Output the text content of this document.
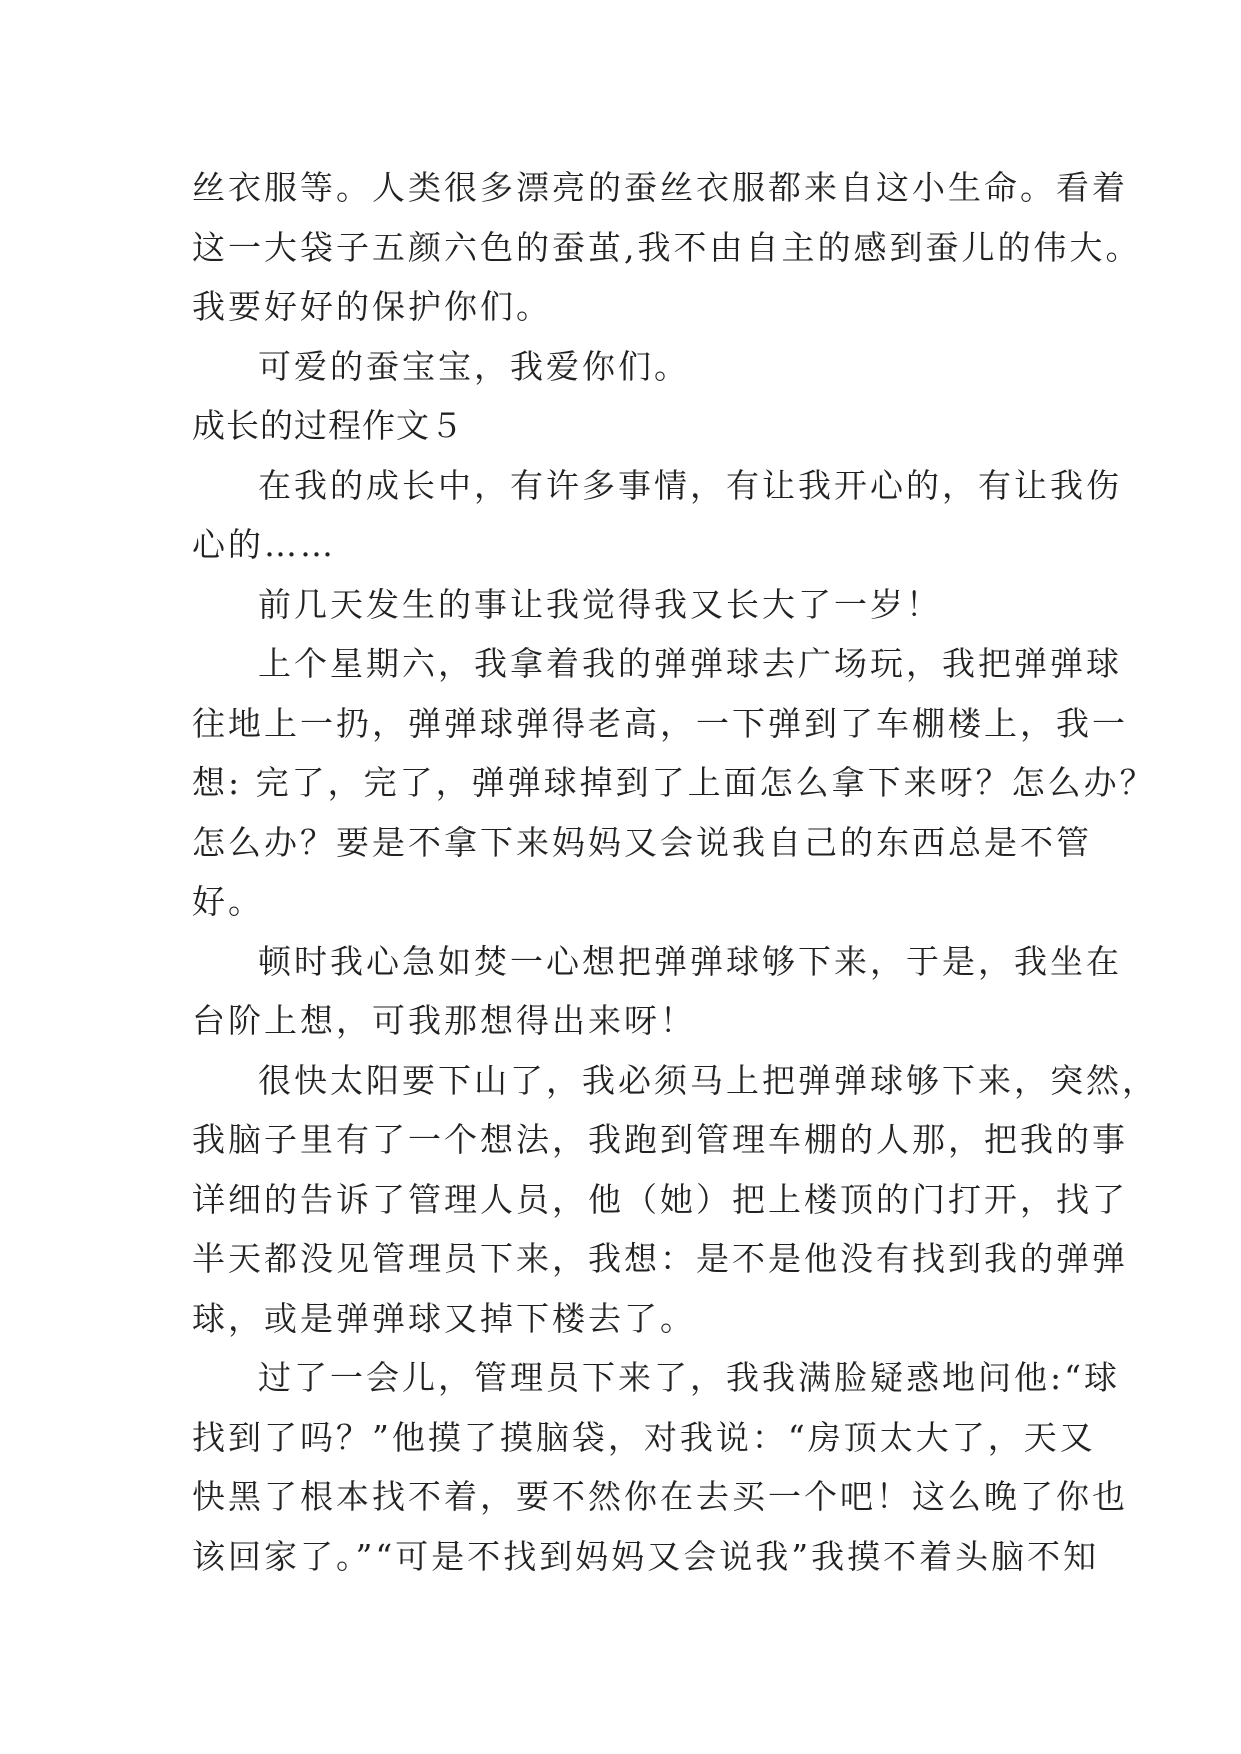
丝衣服等。人类很多漂亮的蚕丝衣服都来自这小生命。看着
这一大袋子五颜六色的蚕茧,我不由自主的感到蚕儿的伟大。
我要好好的保护你们。
可爱的蚕宝宝，我爱你们。
成长的过程作文５
在我的成长中，有许多事情，有让我开心的，有让我伤
心的……
前几天发生的事让我觉得我又长大了一岁！
上个星期六，我拿着我的弹弹球去广场玩，我把弹弹球
往地上一扔，弹弹球弹得老高，一下弹到了车棚楼上，我一
想: 完了，完了，弹弹球掉到了上面怎么拿下来呀？怎么办？
怎么办？要是不拿下来妈妈又会说我自己的东西总是不管
好。
顿时我心急如焚一心想把弹弹球够下来，于是，我坐在
台阶上想，可我那想得出来呀！
很快太阳要下山了，我必须马上把弹弹球够下来，突然，
我脑子里有了一个想法，我跑到管理车棚的人那，把我的事
详细的告诉了管理人员，他（她）把上楼顶的门打开，找了
半天都没见管理员下来，我想：是不是他没有找到我的弹弹
球，或是弹弹球又掉下楼去了。
过了一会儿，管理员下来了，我我满脸疑惑地问他:“球
找到了吗？”他摸了摸脑袋，对我说：“房顶太大了，天又
快黑了根本找不着，要不然你在去买一个吧！这么晚了你也
该回家了。”“可是不找到妈妈又会说我”我摸不着头脑不知
